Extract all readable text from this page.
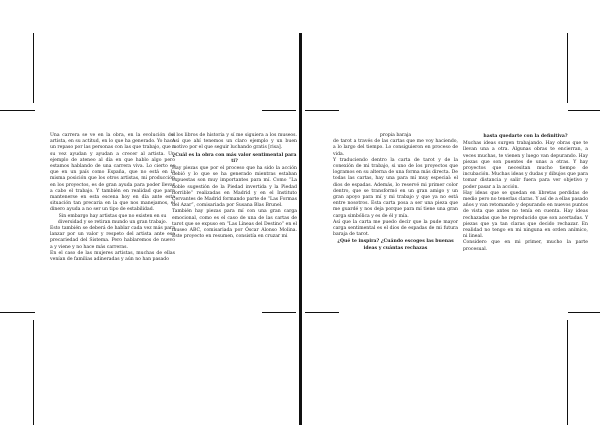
Una carrera se ve en la obra, en la evolución del artista, en su actitud, en lo que ha generado. Yo hace un repaso por las personas con las que trabajo, que a su vez ayudan y ayudan a crecer al artista. Un ejemplo de ateneo al día en que hablo algo pero estamos hablando de una carrera viva. Lo cierto es que en un país como España, que no está en la misma posición que los otros artistas, mi producción en los proyectos, es de gran ayuda para poder llevar a cabo el trabajo. Y también en realidad que para mantenerse en esta escena hoy en día ante esta situación tan precaria en la que nos manejamos, el dinero ayuda a no ser un tipo de estabilidad.

Sin embargo hay artistas que no existen en su diversidad y se retiran mundo un gran trabajo.

Esto también se deberá de hablar cada vez más para lanzar por un valor y respeto del artista ante esa precariedad del Sistema. Pero hablaremos de nuevo a y viene y no hace más carreras.

En el caso de las mujeres artistas, muchas de ellas venían de familias adineradas y aún no han pasado

a los libros de historia y sí me siguiera a los museos. Así que ahí tenemos un claro ejemplo y un buen motivo por el que seguir luchando gratis [risa].

¿Cuál es la obra con más valor sentimental para ti?

Hay piezas que por el proceso que ha sido la acción debió y lo que se ha generado mientras estaban expuestas son muy importantes para mí. Como “La doble sugestión de la Piedad invertida y la Piedad horrible” realizadas en Madrid y en el Instituto Cervantes de Madrid formando parte de “Las Formas del Azar”, comisariada por Susana Blas Brunel.

También hay piezas para mí con una gran carga emocional, como es el caso de una de las cartas de tarot que se expuso en “Las Líneas del Destino” en el museo ABC, comisariada por Óscar Alonso Molina. Este proyecto en resumen, consistía en cruzar mi

propia baraja

de tarot a través de las cartas que me voy haciendo, a lo largo del tiempo. Lo consiguieron en proceso de vida.

Y traduciendo dentro la carta de tarot y de la conexión de mi trabajo, si uno de los proyectos que logramos en su alterna de una forma más directa. De todas las cartas, hay una para mí muy especial: el dios de espadas. Además, lo reservé mi primer color dentro, que se transformó en un gran amigo y un gran apoyo para mí y mi trabajo y que ya no está entre nosotros. Esta carta posa a ser una pieza que me guardé y nos deja porque para mí tiene una gran carga simbólica y es de él y mía.

Así que la carta me puedo decir que la pude mayor carga sentimental es el dios de espadas de mi futura baraja de tarot.

¿Qué te inspira? ¿Cuándo escoges las buenas ideas y cuántas rechazas

hasta quedarte con la definitiva?

Muchas ideas surgen trabajando. Hay obras que te llevan una a otra. Algunas obras te encierran, a veces muchas, te vienen y luego van depurando. Hay piezas que son puentes de unas a otras. Y hay proyectos que necesitan mucho tiempo de incubación. Muchas ideas y dudas y dibujos que para tomar distancia y salir fuera para ver objetivo y poder pasar a la acción.

Hay ideas que se quedan en libretas perdidas de medio pero no tenerlas claras. Y así de a ellas pasado años y van retomando y depurando en nuevos puntos de vista que antes no tenía en cuenta. Hay ideas rechazadas que he reproducido que son acertadas. Y piezas que ya tan claras que decido rechazar. En realidad no tengo en mi ninguna en orden anímico, ni lineal.

Considero que en mi primer, mucho la parte procesual.
